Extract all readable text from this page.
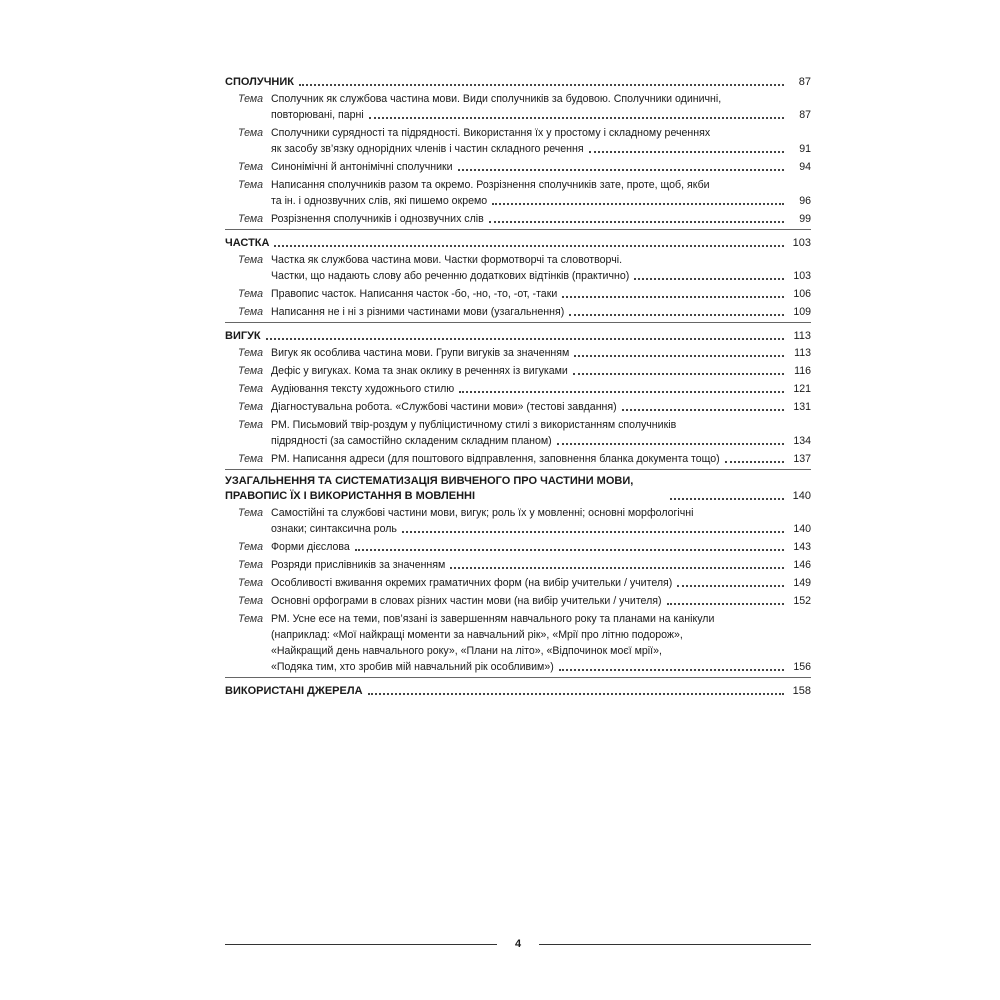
СПОЛУЧНИК	87
Тема Сполучник як службова частина мови. Види сполучників за будовою. Сполучники одиничні,
повторювані, парні	87
Тема Сполучники сурядності та підрядності. Використання їх у простому і складному реченнях
як засобу зв’язку однорідних членів і частин складного речення	91
Тема Синонімічні й антонімічні сполучники	94
Тема Написання сполучників разом та окремо. Розрізнення сполучників зате, проте, щоб, якби
та ін. і однозвучних слів, які пишемо окремо	96
Тема Розрізнення сполучників і однозвучних слів	99
ЧАСТКА	103
Тема Частка як службова частина мови. Частки формотворчі та словотворчі.
Частки, що надають слову або реченню додаткових відтінків (практично)	103
Тема Правопис часток. Написання часток -бо, -но, -то, -от, -таки	106
Тема Написання не і ні з різними частинами мови (узагальнення)	109
ВИГУК	113
Тема Вигук як особлива частина мови. Групи вигуків за значенням	113
Тема Дефіс у вигуках. Кома та знак оклику в реченнях із вигуками	116
Тема Аудіювання тексту художнього стилю	121
Тема Діагностувальна робота. «Службові частини мови» (тестові завдання)	131
Тема РМ. Письмовий твір-роздум у публіцистичному стилі з використанням сполучників
підрядності (за самостійно складеним складним планом)	134
Тема РМ. Написання адреси (для поштового відправлення, заповнення бланка документа тощо)	137
УЗАГАЛЬНЕННЯ ТА СИСТЕМАТИЗАЦІЯ ВИВЧЕНОГО ПРО ЧАСТИНИ МОВИ, ПРАВОПИС ЇХ І ВИКОРИСТАННЯ В МОВЛЕННІ	140
Тема Самостійні та службові частини мови, вигук; роль їх у мовленні; основні морфологічні
ознаки; синтаксична роль	140
Тема Форми дієслова	143
Тема Розряди прислівників за значенням	146
Тема Особливості вживання окремих граматичних форм (на вибір учительки / учителя)	149
Тема Основні орфограми в словах різних частин мови (на вибір учительки / учителя)	152
Тема РМ. Усне есе на теми, пов’язані із завершенням навчального року та планами на канікули
(наприклад: «Мої найкращі моменти за навчальний рік», «Мрії про літню подорож»,
«Найкращий день навчального року», «Плани на літо», «Відпочинок моєї мрії»,
«Подяка тим, хто зробив мій навчальний рік особливим»)	156
ВИКОРИСТАНІ ДЖЕРЕЛА	158
4
